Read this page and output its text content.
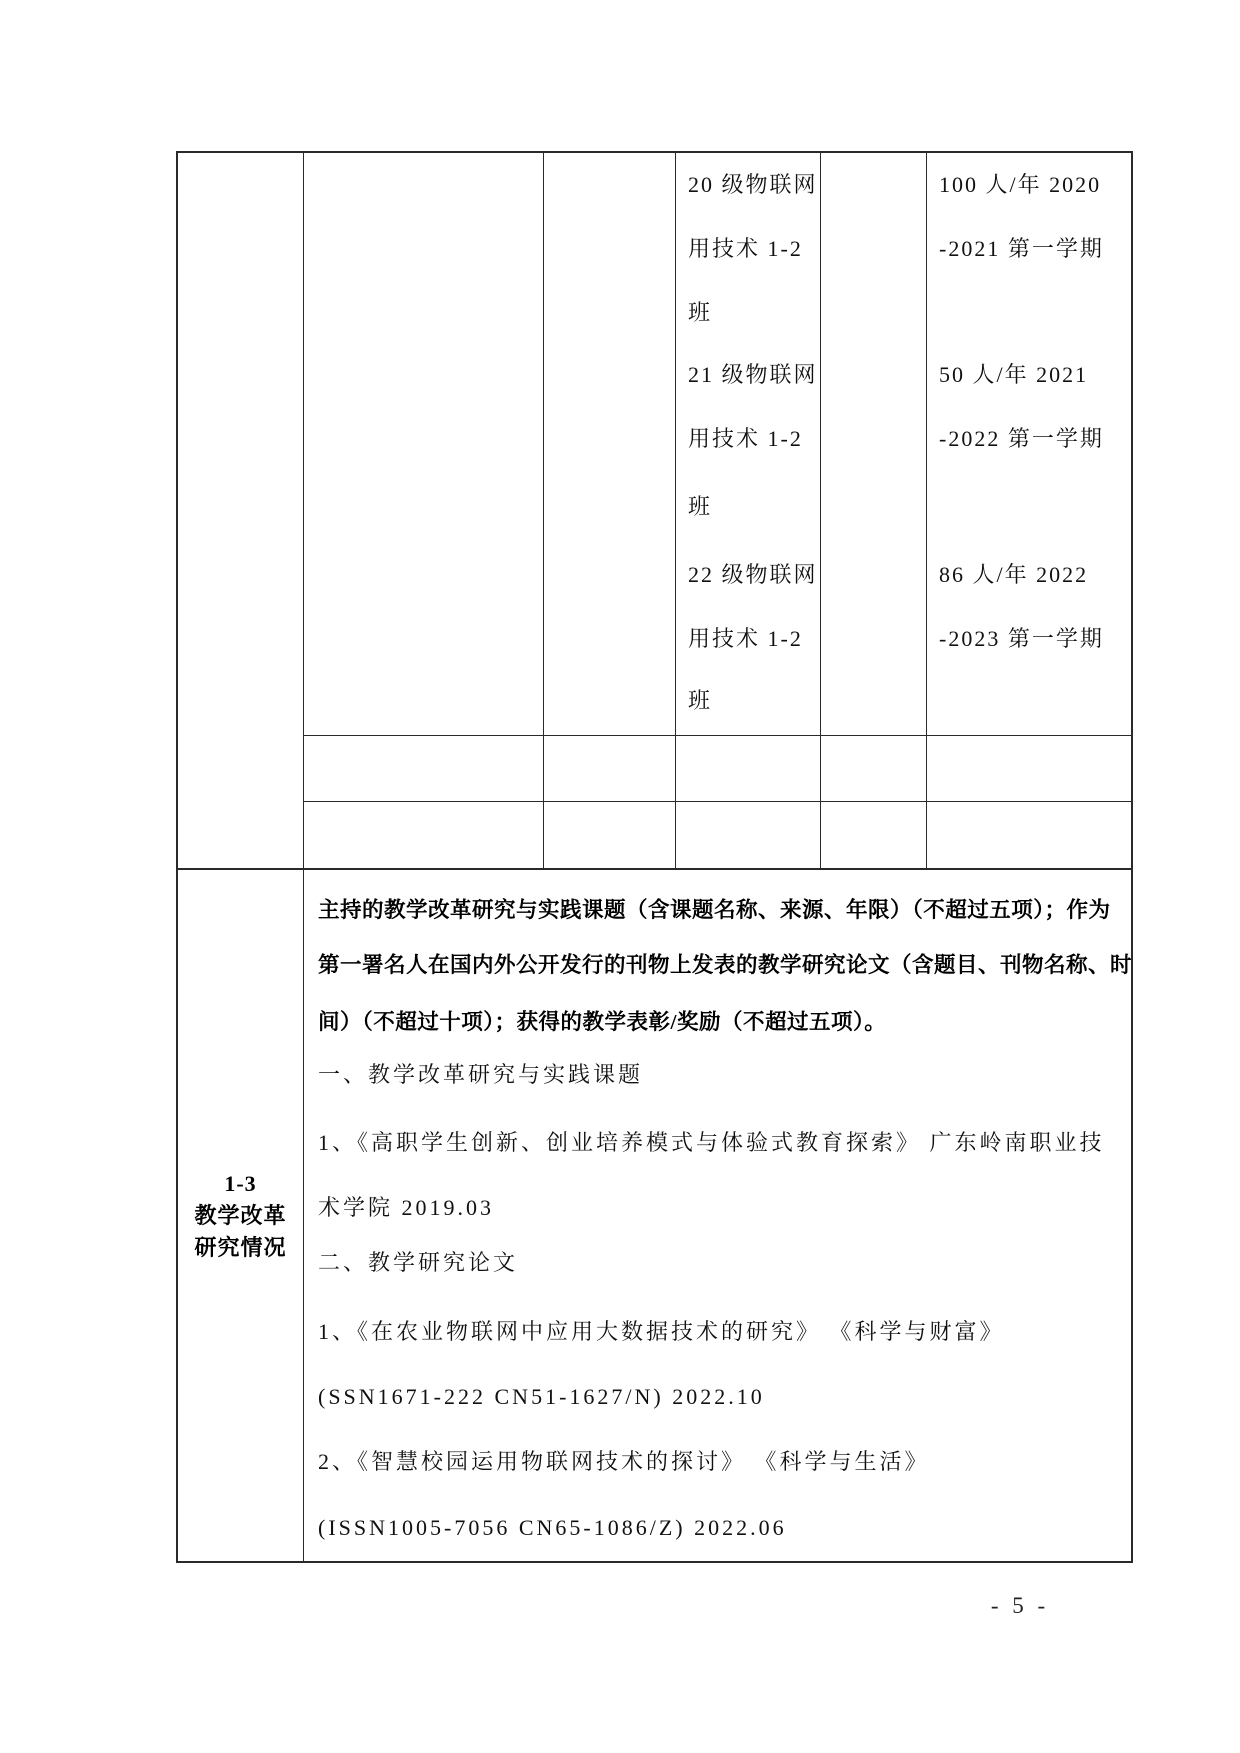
20 级物联网
用技术 1-2
班
21 级物联网
用技术 1-2
班
22 级物联网
用技术 1-2
班
100 人/年 2020
-2021 第一学期
50 人/年 2021
-2022 第一学期
86 人/年 2022
-2023 第一学期
1-3
教学改革
研究情况
主持的教学改革研究与实践课题（含课题名称、来源、年限）（不超过五项）；作为
第一署名人在国内外公开发行的刊物上发表的教学研究论文（含题目、刊物名称、时
间）（不超过十项）；获得的教学表彰/奖励（不超过五项）。
一、教学改革研究与实践课题
1、《高职学生创新、创业培养模式与体验式教育探索》 广东岭南职业技
术学院 2019.03
二、教学研究论文
1、《在农业物联网中应用大数据技术的研究》 《科学与财富》
(SSN1671-222 CN51-1627/N) 2022.10
2、《智慧校园运用物联网技术的探讨》 《科学与生活》
(ISSN1005-7056 CN65-1086/Z) 2022.06
- 5 -
